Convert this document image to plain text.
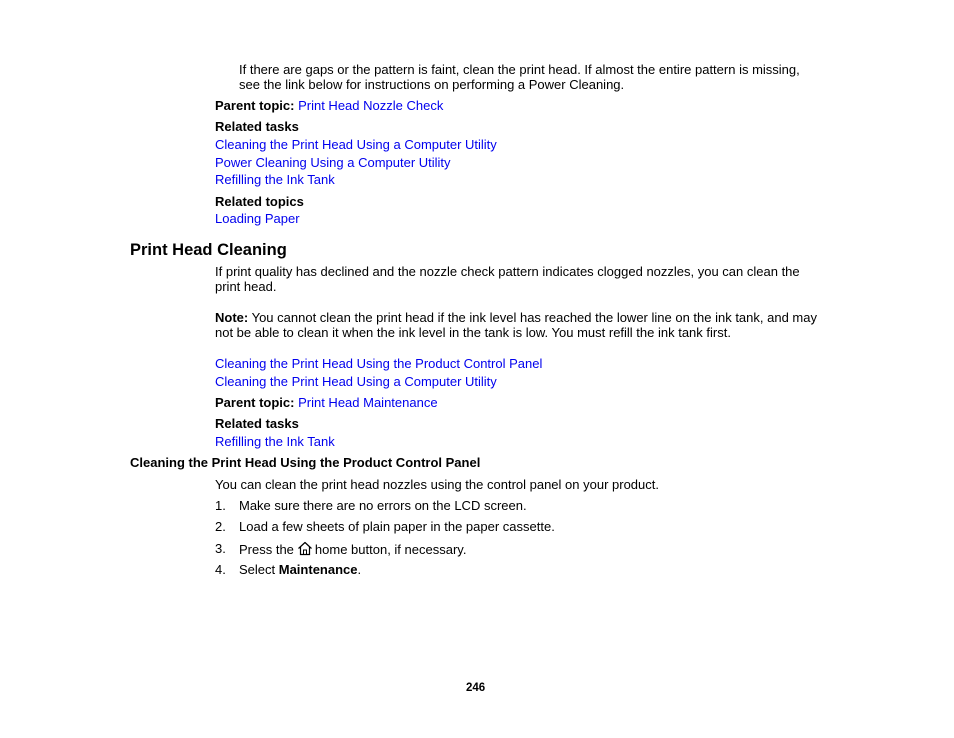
If there are gaps or the pattern is faint, clean the print head. If almost the entire pattern is missing,
see the link below for instructions on performing a Power Cleaning.
Parent topic: Print Head Nozzle Check
Related tasks
Cleaning the Print Head Using a Computer Utility
Power Cleaning Using a Computer Utility
Refilling the Ink Tank
Related topics
Loading Paper
Print Head Cleaning
If print quality has declined and the nozzle check pattern indicates clogged nozzles, you can clean the
print head.
Note: You cannot clean the print head if the ink level has reached the lower line on the ink tank, and may
not be able to clean it when the ink level in the tank is low. You must refill the ink tank first.
Cleaning the Print Head Using the Product Control Panel
Cleaning the Print Head Using a Computer Utility
Parent topic: Print Head Maintenance
Related tasks
Refilling the Ink Tank
Cleaning the Print Head Using the Product Control Panel
You can clean the print head nozzles using the control panel on your product.
1. Make sure there are no errors on the LCD screen.
2. Load a few sheets of plain paper in the paper cassette.
3. Press the home button, if necessary.
4. Select Maintenance.
246
